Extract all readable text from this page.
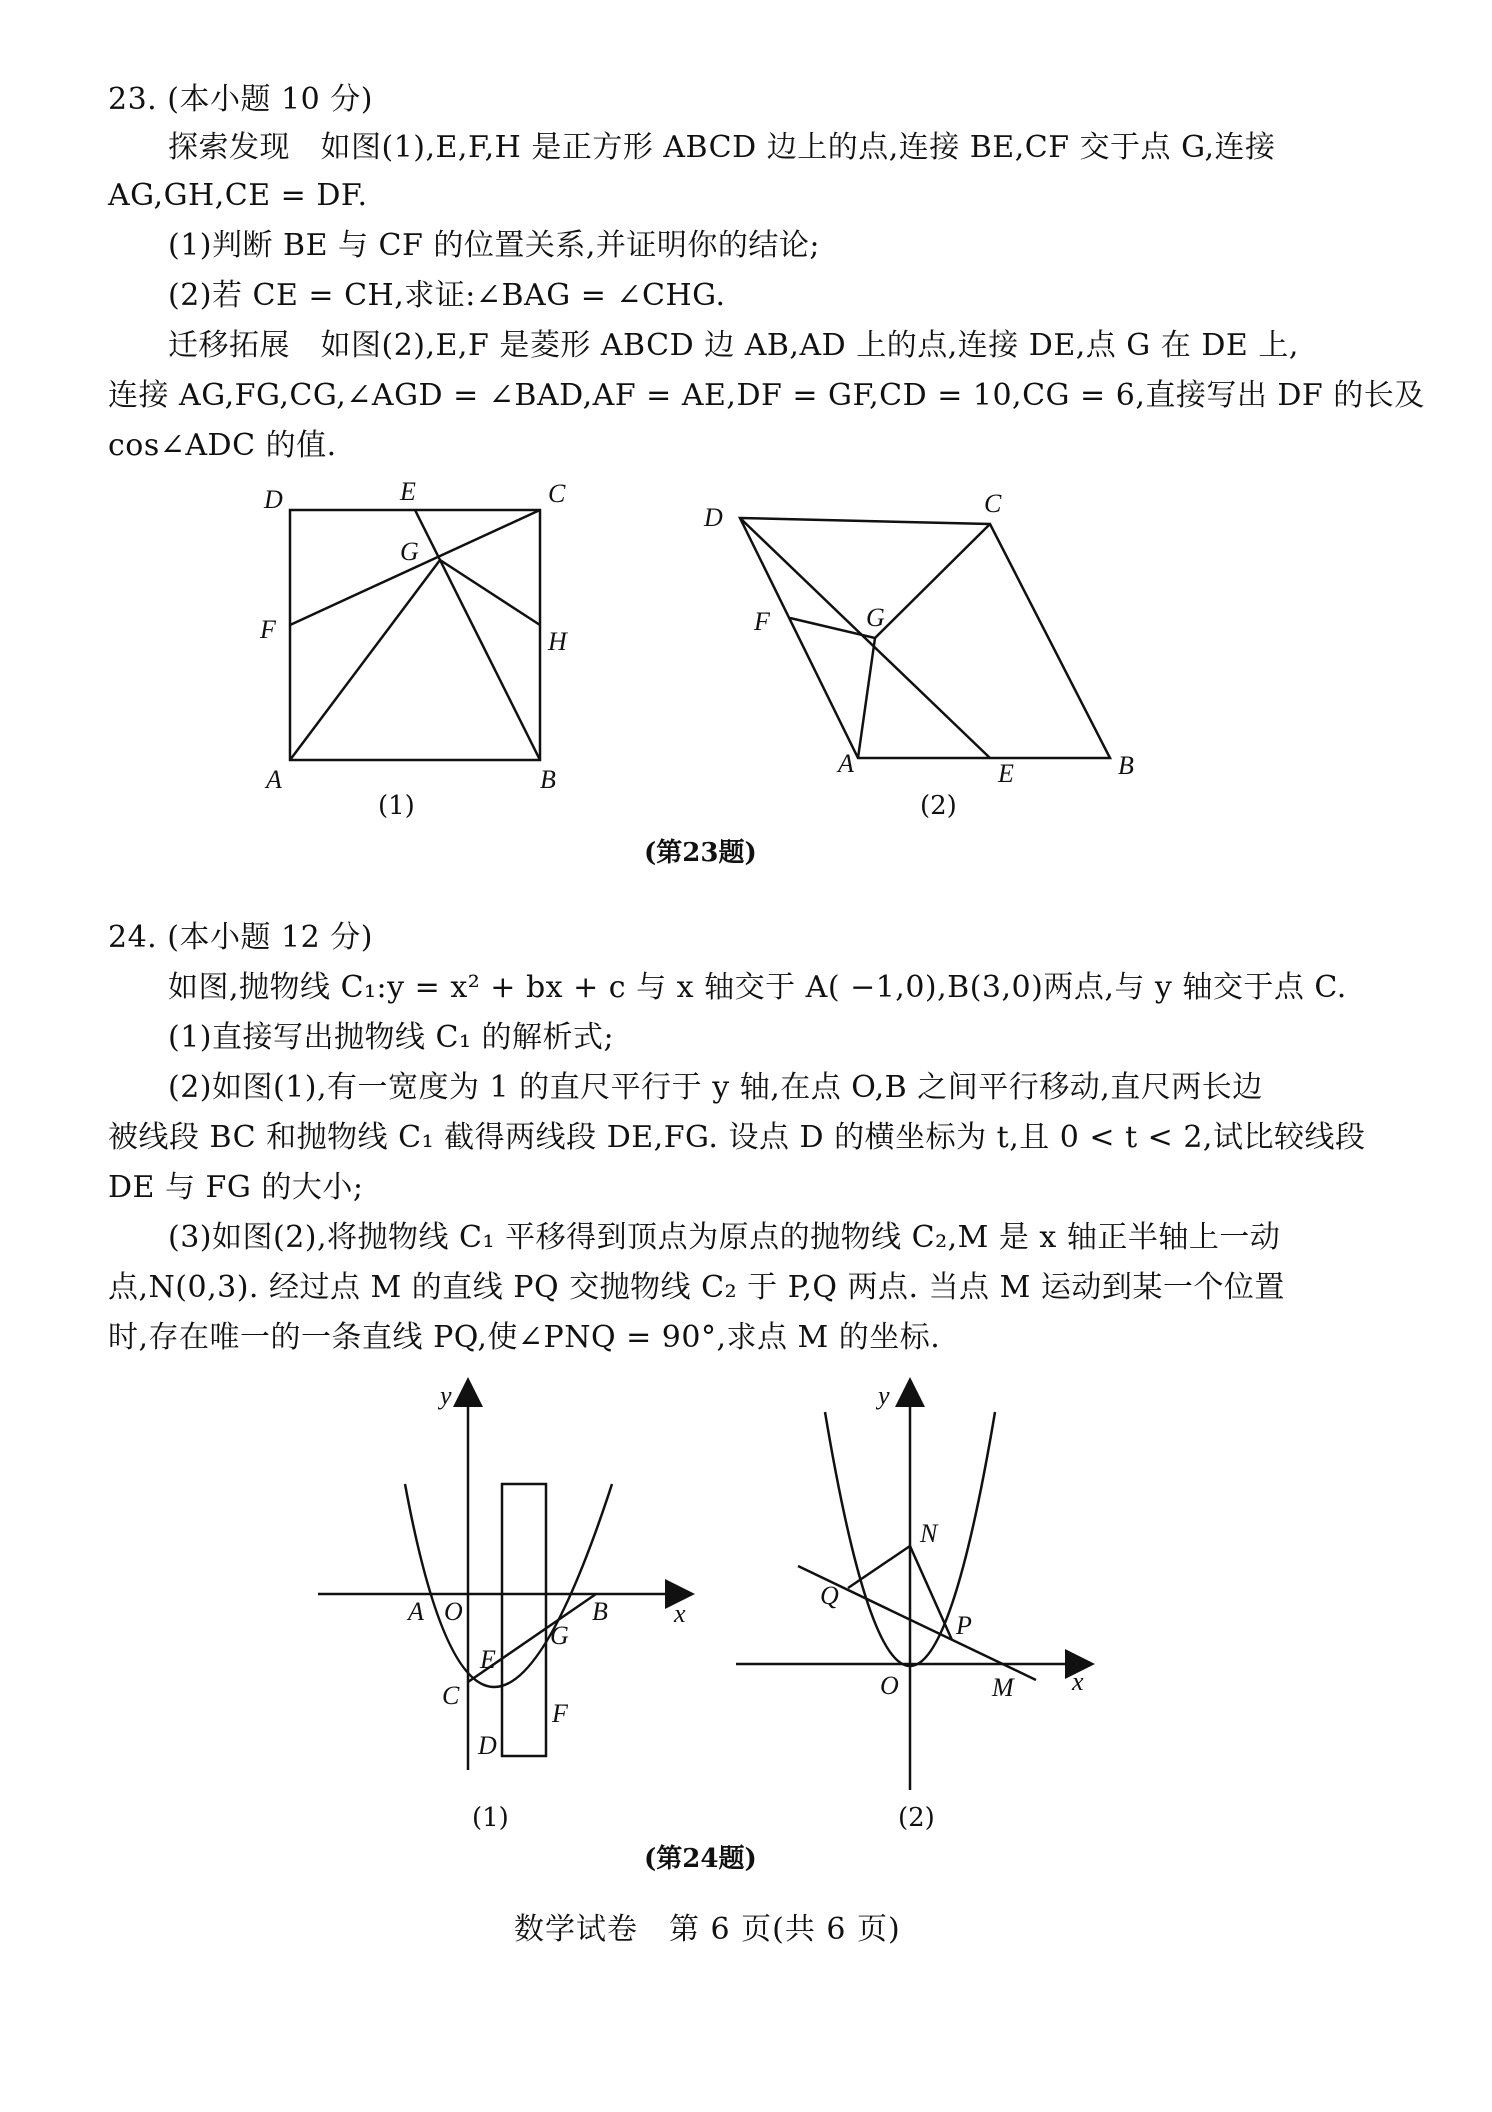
23. (本小题 10 分)
探索发现　如图(1),E,F,H 是正方形 ABCD 边上的点,连接 BE,CF 交于点 G,连接
AG,GH,CE = DF.
(1)判断 BE 与 CF 的位置关系,并证明你的结论;
(2)若 CE = CH,求证:∠BAG = ∠CHG.
迁移拓展　如图(2),E,F 是菱形 ABCD 边 AB,AD 上的点,连接 DE,点 G 在 DE 上,
连接 AG,FG,CG,∠AGD = ∠BAD,AF = AE,DF = GF,CD = 10,CG = 6,直接写出 DF 的长及
cos∠ADC 的值.
D	E	C
G
F	H
A	B
(1)
D	C
F	G
A	E	B
(2)
(第23题)
24. (本小题 12 分)
如图,抛物线 C₁:y = x² + bx + c 与 x 轴交于 A( −1,0),B(3,0)两点,与 y 轴交于点 C.
(1)直接写出抛物线 C₁ 的解析式;
(2)如图(1),有一宽度为 1 的直尺平行于 y 轴,在点 O,B 之间平行移动,直尺两长边
被线段 BC 和抛物线 C₁ 截得两线段 DE,FG. 设点 D 的横坐标为 t,且 0 < t < 2,试比较线段
DE 与 FG 的大小;
(3)如图(2),将抛物线 C₁ 平移得到顶点为原点的抛物线 C₂,M 是 x 轴正半轴上一动
点,N(0,3). 经过点 M 的直线 PQ 交抛物线 C₂ 于 P,Q 两点. 当点 M 运动到某一个位置
时,存在唯一的一条直线 PQ,使∠PNQ = 90°,求点 M 的坐标.
y
x
A O	B
G
E
C
F
D
(1)
y
x
N
Q
P
O	M
(2)
(第24题)
数学试卷　第 6 页(共 6 页)
